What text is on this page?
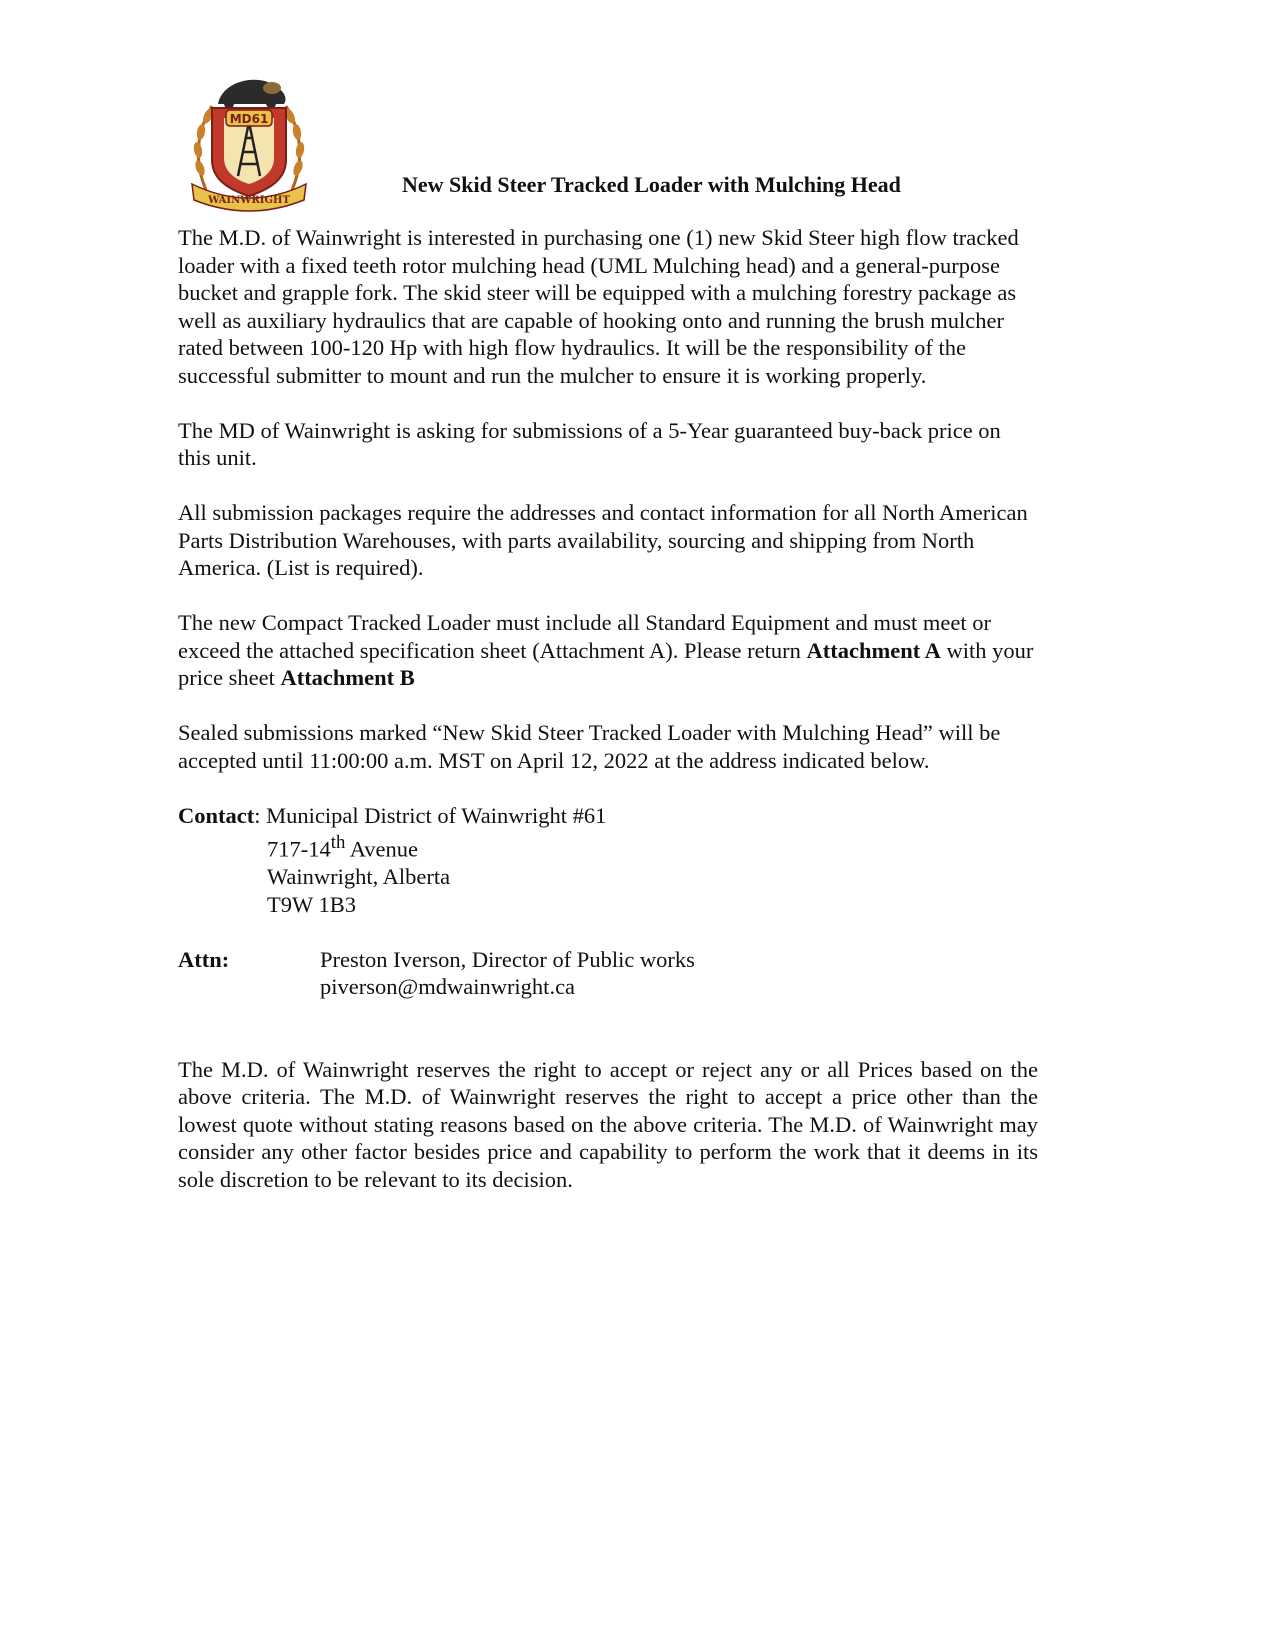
MD61
WAINWRIGHT
New Skid Steer Tracked Loader with Mulching Head

The M.D. of Wainwright is interested in purchasing one (1) new Skid Steer high flow tracked loader with a fixed teeth rotor mulching head (UML Mulching head) and a general-purpose bucket and grapple fork. The skid steer will be equipped with a mulching forestry package as well as auxiliary hydraulics that are capable of hooking onto and running the brush mulcher rated between 100-120 Hp with high flow hydraulics. It will be the responsibility of the successful submitter to mount and run the mulcher to ensure it is working properly.

The MD of Wainwright is asking for submissions of a 5-Year guaranteed buy-back price on this unit.

All submission packages require the addresses and contact information for all North American Parts Distribution Warehouses, with parts availability, sourcing and shipping from North America. (List is required).

The new Compact Tracked Loader must include all Standard Equipment and must meet or exceed the attached specification sheet (Attachment A). Please return Attachment A with your price sheet Attachment B

Sealed submissions marked “New Skid Steer Tracked Loader with Mulching Head” will be accepted until 11:00:00 a.m. MST on April 12, 2022 at the address indicated below.

Contact: Municipal District of Wainwright #61
717-14th Avenue
Wainwright, Alberta
T9W 1B3
Attn:	Preston Iverson, Director of Public works
piverson@mdwainwright.ca

The M.D. of Wainwright reserves the right to accept or reject any or all Prices based on the above criteria. The M.D. of Wainwright reserves the right to accept a price other than the lowest quote without stating reasons based on the above criteria. The M.D. of Wainwright may consider any other factor besides price and capability to perform the work that it deems in its sole discretion to be relevant to its decision.
